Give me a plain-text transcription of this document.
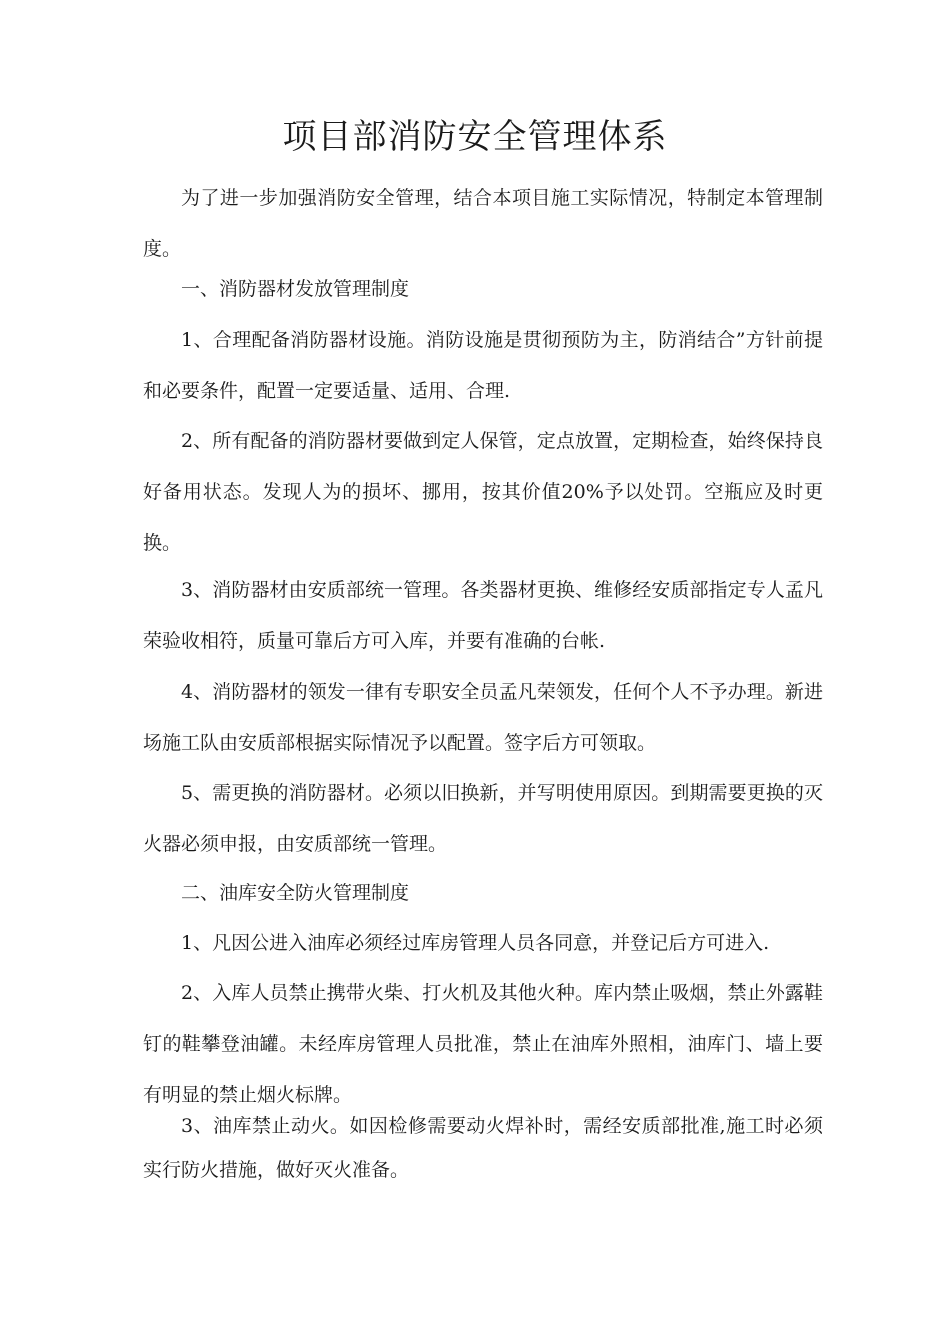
项目部消防安全管理体系

为了进一步加强消防安全管理，结合本项目施工实际情况，特制定本管理制度。

一、消防器材发放管理制度

1、合理配备消防器材设施。消防设施是贯彻预防为主，防消结合”方针前提和必要条件，配置一定要适量、适用、合理.

2、所有配备的消防器材要做到定人保管，定点放置，定期检查，始终保持良好备用状态。发现人为的损坏、挪用，按其价值20%予以处罚。空瓶应及时更换。

3、消防器材由安质部统一管理。各类器材更换、维修经安质部指定专人孟凡荣验收相符，质量可靠后方可入库，并要有准确的台帐.

4、消防器材的领发一律有专职安全员孟凡荣领发，任何个人不予办理。新进场施工队由安质部根据实际情况予以配置。签字后方可领取。

5、需更换的消防器材。必须以旧换新，并写明使用原因。到期需要更换的灭火器必须申报，由安质部统一管理。

二、油库安全防火管理制度

1、凡因公进入油库必须经过库房管理人员各同意，并登记后方可进入.

2、入库人员禁止携带火柴、打火机及其他火种。库内禁止吸烟，禁止外露鞋钉的鞋攀登油罐。未经库房管理人员批准，禁止在油库外照相，油库门、墙上要有明显的禁止烟火标牌。

3、油库禁止动火。如因检修需要动火焊补时，需经安质部批准,施工时必须实行防火措施，做好灭火准备。
